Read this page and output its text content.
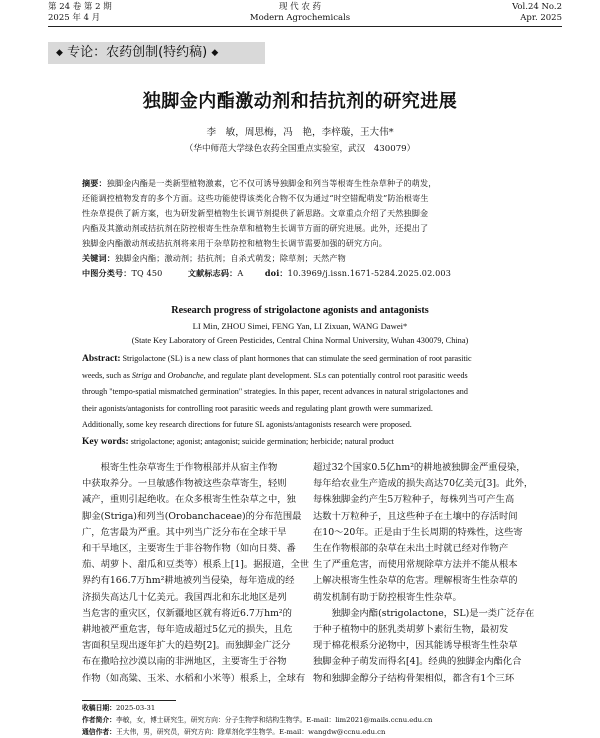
第 24 卷 第 2 期
2025 年 4 月
现 代 农 药
Modern Agrochemicals
Vol.24 No.2
Apr. 2025
◆ 专论：农药创制(特约稿) ◆
独脚金内酯激动剂和拮抗剂的研究进展
李　敏，周思梅，冯　艳，李梓璇，王大伟*
（华中师范大学绿色农药全国重点实验室，武汉　430079）
摘要：独脚金内酯是一类新型植物激素，它不仅可诱导独脚金和列当等根寄生性杂草种子的萌发，
还能调控植物发育的多个方面。这些功能使得该类化合物不仅为通过“时空错配萌发”防治根寄生
性杂草提供了新方案，也为研发新型植物生长调节剂提供了新思路。文章重点介绍了天然独脚金
内酯及其激动剂或拮抗剂在防控根寄生性杂草和植物生长调节方面的研究进展。此外，还提出了
独脚金内酯激动剂或拮抗剂将来用于杂草防控和植物生长调节需要加强的研究方向。
关键词：独脚金内酯；激动剂；拮抗剂；自杀式萌发；除草剂；天然产物
中图分类号：TQ 450	文献标志码：A	doi：10.3969/j.issn.1671-5284.2025.02.003
Research progress of strigolactone agonists and antagonists
LI Min, ZHOU Simei, FENG Yan, LI Zixuan, WANG Dawei*
(State Key Laboratory of Green Pesticides, Central China Normal University, Wuhan 430079, China)
Abstract: Strigolactone (SL) is a new class of plant hormones that can stimulate the seed germination of root parasitic
weeds, such as Striga and Orobanche, and regulate plant development. SLs can potentially control root parasitic weeds
through "tempo-spatial mismatched germination" strategies. In this paper, recent advances in natural strigolactones and
their agonists/antagonists for controlling root parasitic weeds and regulating plant growth were summarized.
Additionally, some key research directions for future SL agonists/antagonists research were proposed.
Key words: strigolactone; agonist; antagonist; suicide germination; herbicide; natural product
根寄生性杂草寄生于作物根部并从宿主作物
中获取养分。一旦敏感作物被这些杂草寄生，轻则
减产，重则引起绝收。在众多根寄生性杂草之中，独
脚金(Striga)和列当(Orobanchaceae)的分布范围最
广，危害最为严重。其中列当广泛分布在全球干旱
和干旱地区，主要寄生于非谷物作物（如向日葵、番
茄、胡萝卜、甜瓜和豆类等）根系上[1]。据报道，全世
界约有166.7万hm²耕地被列当侵染，每年造成的经
济损失高达几十亿美元。我国西北和东北地区是列
当危害的重灾区，仅新疆地区就有将近6.7万hm²的
耕地被严重危害，每年造成超过5亿元的损失，且危
害面积呈现出逐年扩大的趋势[2]。而独脚金广泛分
布在撒哈拉沙漠以南的非洲地区，主要寄生于谷物
作物（如高粱、玉米、水稻和小米等）根系上，全球有
超过32个国家0.5亿hm²的耕地被独脚金严重侵染，
每年给农业生产造成的损失高达70亿美元[3]。此外，
每株独脚金约产生5万粒种子，每株列当可产生高
达数十万粒种子，且这些种子在土壤中的存活时间
在10～20年。正是由于生长周期的特殊性，这些寄
生在作物根部的杂草在未出土时就已经对作物产
生了严重危害，而使用常规除草方法并不能从根本
上解决根寄生性杂草的危害。理解根寄生性杂草的
萌发机制有助于防控根寄生性杂草。
独脚金内酯(strigolactone，SL)是一类广泛存在
于种子植物中的胚乳类胡萝卜素衍生物，最初发
现于棉花根系分泌物中，因其能诱导根寄生性杂草
独脚金种子萌发而得名[4]。经典的独脚金内酯化合
物和独脚金醇分子结构骨架相似，都含有1个三环
收稿日期：2025-03-31
作者简介：李敏，女，博士研究生，研究方向：分子生物学和结构生物学。E-mail：lim2021@mails.ccnu.edu.cn
通信作者：王大伟，男，研究员，研究方向：除草剂化学生物学。E-mail：wangdw@ccnu.edu.cn
